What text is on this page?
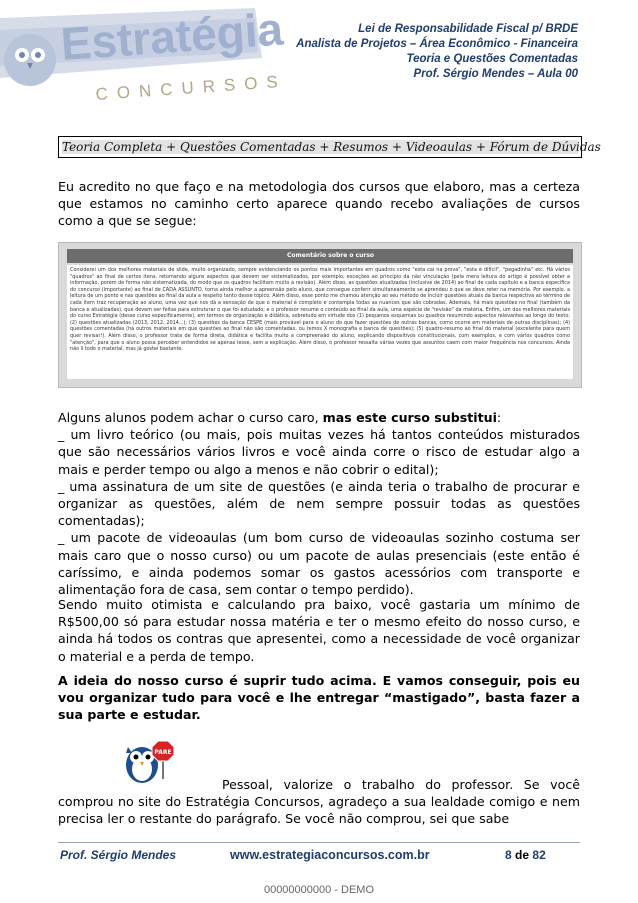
Estratégia
CONCURSOS
Lei de Responsabilidade Fiscal p/ BRDE
Analista de Projetos – Área Econômico - Financeira
Teoria e Questões Comentadas
Prof. Sérgio Mendes – Aula 00
Teoria Completa + Questões Comentadas + Resumos + Videoaulas + Fórum de Dúvidas
Eu acredito no que faço e na metodologia dos cursos que elaboro, mas a certeza que estamos no caminho certo aparece quando recebo avaliações de cursos como a que se segue:
Comentário sobre o curso
Considerei um dos melhores materiais de slide, muito organizado, sempre evidenciando os pontos mais importantes em quadros como "esta cai na prova", "esta é difícil", "pegadinha" etc. Há vários "quadros" ao final de certos itens, retomando alguns aspectos que devem ser sistematizados, por exemplo, exceções ao princípio da não vinculação (pela mera leitura do artigo é possível obter a informação, porém de forma não sistematizada, do modo que os quadros facilitam muito a revisão). Além disso, as questões atualizadas (inclusive de 2014) ao final de cada capítulo e a banca específica do concurso (importante) ao final de CADA ASSUNTO, torna ainda melhor a apreensão pelo aluno, que consegue conferir simultaneamente se aprendeu o que se deve reter na memória. Por exemplo, a leitura de um ponto e nas questões ao final da aula a respeito tanto desse tópico. Além disso, esse ponto me chamou atenção ao seu método de incluir questões atuais da banca respectiva ao término de cada item traz recuperação ao aluno, uma vez que nos dá a sensação de que o material é completo e contempla todas as nuances que são cobradas. Ademais, há mais questões no final (também da banca e atualizadas), que devem ser feitas para estruturar o que foi estudado; e o professor resume o conteúdo ao final da aula, uma espécie de "revisão" da matéria. Enfim, um dos melhores materiais do curso Estratégia (desse curso especificamente), em termos de organização e didática, sobretudo em virtude dos (1) pequenos esquemas ou quadros resumindo aspectos relevantes ao longo do texto; (2) questões atualizadas (2013, 2012, 2014...); (3) questões da banca CESPE (mais provável para o aluno do que fazer questões de outras bancas, como ocorre em materiais de outras disciplinas); (4) questões comentadas (há outros materiais em que questões ao final não são comentadas, ou temos X monografia e banca de questões); (5) quadro-resumo ao final do material (excelente para quem quer revisar!). Além disso, o professor trata de forma direta, didática e facilita muito a compreensão do aluno, explicando dispositivos constitucionais, com exemplos, e com vários quadros como "atenção", para que o aluno possa perceber entendidos se apenas lesse, sem a explicação. Além disso, o professor ressalta várias vezes que assuntos caem com maior frequência nos concursos. Ainda não li todo o material, mas já gostei bastante.
Alguns alunos podem achar o curso caro, mas este curso substitui:
_ um livro teórico (ou mais, pois muitas vezes há tantos conteúdos misturados que são necessários vários livros e você ainda corre o risco de estudar algo a mais e perder tempo ou algo a menos e não cobrir o edital);
_ uma assinatura de um site de questões (e ainda teria o trabalho de procurar e organizar as questões, além de nem sempre possuir todas as questões comentadas);
_ um pacote de videoaulas (um bom curso de videoaulas sozinho costuma ser mais caro que o nosso curso) ou um pacote de aulas presenciais (este então é caríssimo, e ainda podemos somar os gastos acessórios com transporte e alimentação fora de casa, sem contar o tempo perdido).
Sendo muito otimista e calculando pra baixo, você gastaria um mínimo de R$500,00 só para estudar nossa matéria e ter o mesmo efeito do nosso curso, e ainda há todos os contras que apresentei, como a necessidade de você organizar o material e a perda de tempo.
A ideia do nosso curso é suprir tudo acima. E vamos conseguir, pois eu vou organizar tudo para você e lhe entregar “mastigado”, basta fazer a sua parte e estudar.
PARE
Pessoal, valorize o trabalho do professor. Se você comprou no site do Estratégia Concursos, agradeço a sua lealdade comigo e nem precisa ler o restante do parágrafo. Se você não comprou, sei que sabe
Prof. Sérgio Mendes	www.estrategiaconcursos.com.br	8 de 82
00000000000 - DEMO
